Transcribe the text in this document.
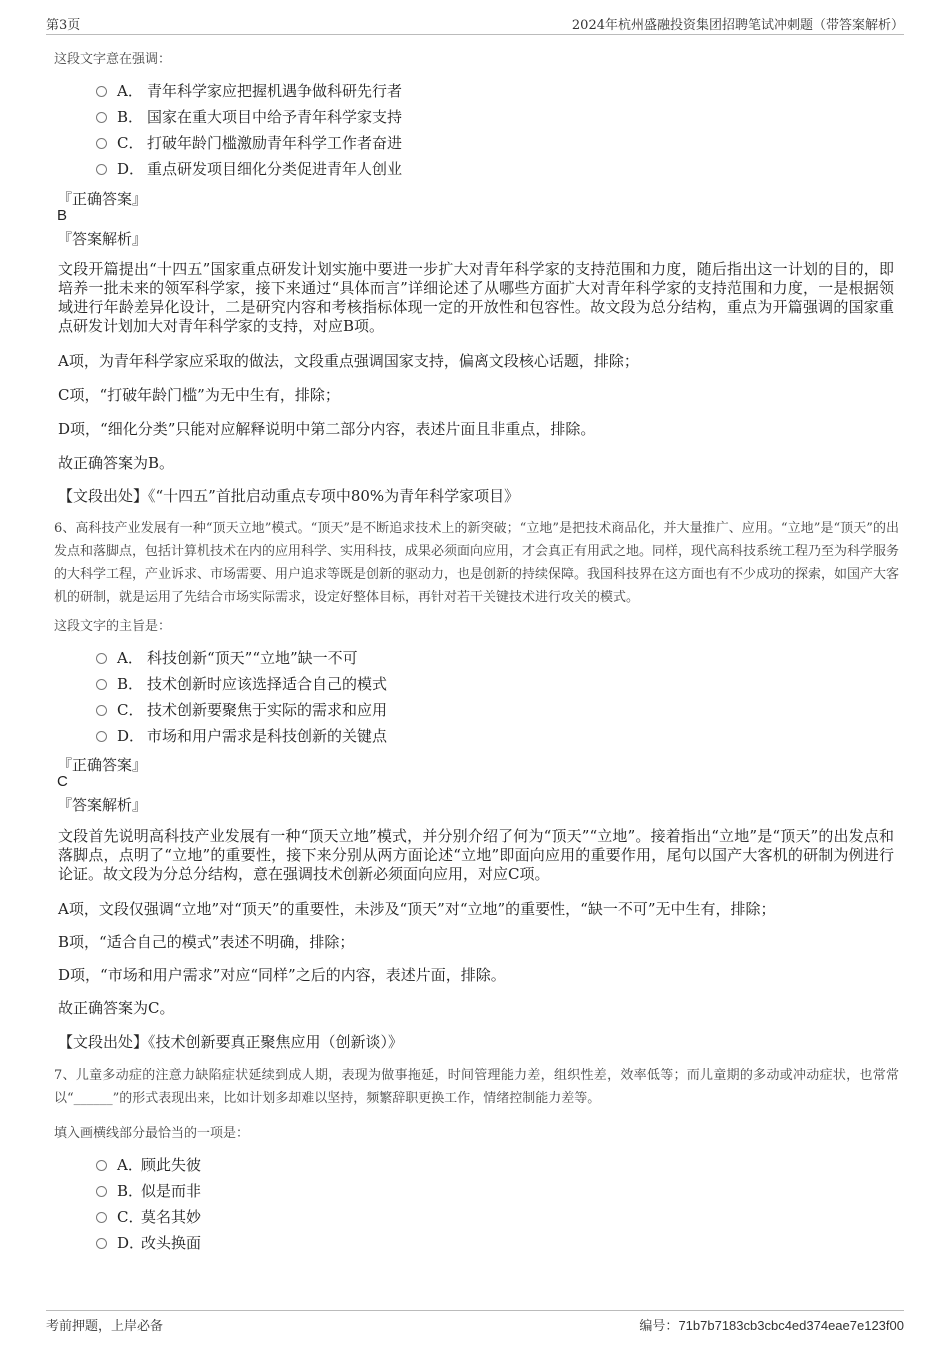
第3页	2024年杭州盛融投资集团招聘笔试冲刺题（带答案解析）
这段文字意在强调：
A． 青年科学家应把握机遇争做科研先行者
B． 国家在重大项目中给予青年科学家支持
C． 打破年龄门槛激励青年科学工作者奋进
D． 重点研发项目细化分类促进青年人创业
『正确答案』
B
『答案解析』
文段开篇提出“十四五”国家重点研发计划实施中要进一步扩大对青年科学家的支持范围和力度，随后指出这一计划的目的，即培养一批未来的领军科学家，接下来通过“具体而言”详细论述了从哪些方面扩大对青年科学家的支持范围和力度，一是根据领域进行年龄差异化设计，二是研究内容和考核指标体现一定的开放性和包容性。故文段为总分结构，重点为开篇强调的国家重点研发计划加大对青年科学家的支持，对应B项。
A项，为青年科学家应采取的做法，文段重点强调国家支持，偏离文段核心话题，排除；
C项，“打破年龄门槛”为无中生有，排除；
D项，“细化分类”只能对应解释说明中第二部分内容，表述片面且非重点，排除。
故正确答案为B。
【文段出处】《“十四五”首批启动重点专项中80%为青年科学家项目》
6、高科技产业发展有一种“顶天立地”模式。“顶天”是不断追求技术上的新突破；“立地”是把技术商品化，并大量推广、应用。“立地”是“顶天”的出发点和落脚点，包括计算机技术在内的应用科学、实用科技，成果必须面向应用，才会真正有用武之地。同样，现代高科技系统工程乃至为科学服务的大科学工程，产业诉求、市场需要、用户追求等既是创新的驱动力，也是创新的持续保障。我国科技界在这方面也有不少成功的探索，如国产大客机的研制，就是运用了先结合市场实际需求，设定好整体目标，再针对若干关键技术进行攻关的模式。
这段文字的主旨是：
A． 科技创新“顶天”“立地”缺一不可
B． 技术创新时应该选择适合自己的模式
C． 技术创新要聚焦于实际的需求和应用
D． 市场和用户需求是科技创新的关键点
『正确答案』
C
『答案解析』
文段首先说明高科技产业发展有一种“顶天立地”模式，并分别介绍了何为“顶天”“立地”。接着指出“立地”是“顶天”的出发点和落脚点，点明了“立地”的重要性，接下来分别从两方面论述“立地”即面向应用的重要作用，尾句以国产大客机的研制为例进行论证。故文段为分总分结构，意在强调技术创新必须面向应用，对应C项。
A项，文段仅强调“立地”对“顶天”的重要性，未涉及“顶天”对“立地”的重要性，“缺一不可”无中生有，排除；
B项，“适合自己的模式”表述不明确，排除；
D项，“市场和用户需求”对应“同样”之后的内容，表述片面，排除。
故正确答案为C。
【文段出处】《技术创新要真正聚焦应用（创新谈）》
7、儿童多动症的注意力缺陷症状延续到成人期，表现为做事拖延，时间管理能力差，组织性差，效率低等；而儿童期的多动或冲动症状，也常常以“______”的形式表现出来，比如计划多却难以坚持，频繁辞职更换工作，情绪控制能力差等。
填入画横线部分最恰当的一项是：
A．顾此失彼
B．似是而非
C．莫名其妙
D．改头换面
考前押题，上岸必备	编号：71b7b7183cb3cbc4ed374eae7e123f00
